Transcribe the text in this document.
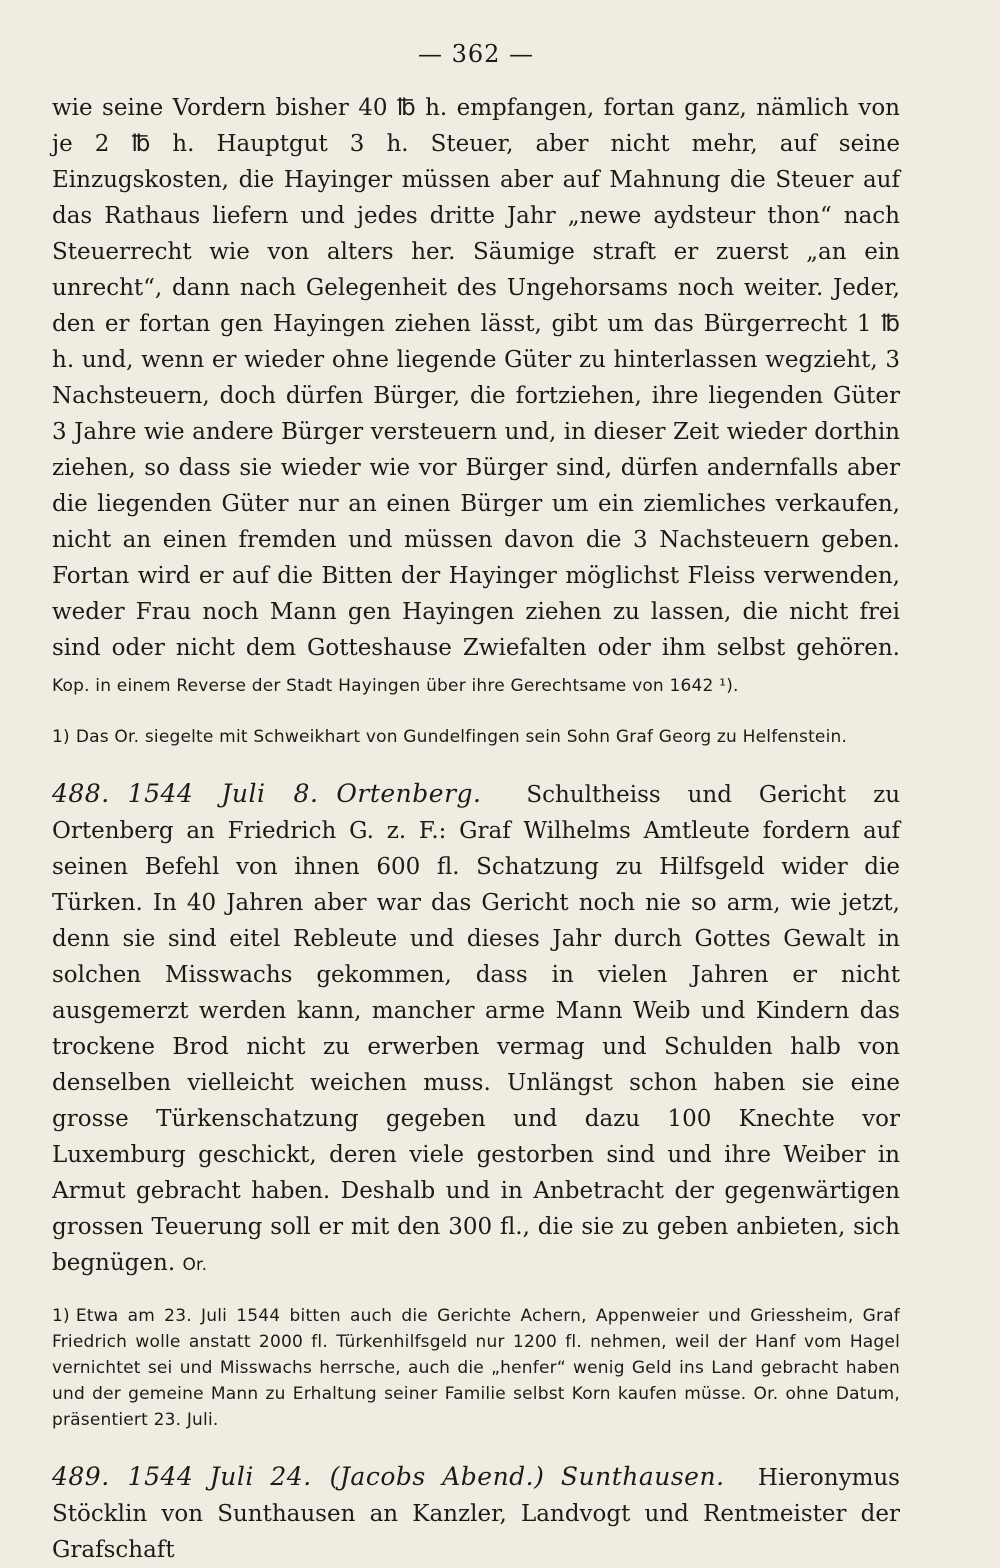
— 362 —

wie seine Vordern bisher 40 ℔ h. empfangen, fortan ganz, nämlich von je 2 ℔ h. Hauptgut 3 h. Steuer, aber nicht mehr, auf seine Einzugskosten, die Hayinger müssen aber auf Mahnung die Steuer auf das Rathaus liefern und jedes dritte Jahr „newe aydsteur thon“ nach Steuerrecht wie von alters her. Säumige straft er zuerst „an ein unrecht“, dann nach Gelegenheit des Ungehorsams noch weiter. Jeder, den er fortan gen Hayingen ziehen lässt, gibt um das Bürgerrecht 1 ℔ h. und, wenn er wieder ohne liegende Güter zu hinterlassen wegzieht, 3 Nachsteuern, doch dürfen Bürger, die fortziehen, ihre liegenden Güter 3 Jahre wie andere Bürger versteuern und, in dieser Zeit wieder dorthin ziehen, so dass sie wieder wie vor Bürger sind, dürfen andernfalls aber die liegenden Güter nur an einen Bürger um ein ziemliches verkaufen, nicht an einen fremden und müssen davon die 3 Nachsteuern geben. Fortan wird er auf die Bitten der Hayinger möglichst Fleiss verwenden, weder Frau noch Mann gen Hayingen ziehen zu lassen, die nicht frei sind oder nicht dem Gotteshause Zwiefalten oder ihm selbst gehören. Kop. in einem Reverse der Stadt Hayingen über ihre Gerechtsame von 1642 ¹).

1) Das Or. siegelte mit Schweikhart von Gundelfingen sein Sohn Graf Georg zu Helfenstein.

488. 1544 Juli 8. Ortenberg. Schultheiss und Gericht zu Ortenberg an Friedrich G. z. F.: Graf Wilhelms Amtleute fordern auf seinen Befehl von ihnen 600 fl. Schatzung zu Hilfsgeld wider die Türken. In 40 Jahren aber war das Gericht noch nie so arm, wie jetzt, denn sie sind eitel Rebleute und dieses Jahr durch Gottes Gewalt in solchen Misswachs gekommen, dass in vielen Jahren er nicht ausgemerzt werden kann, mancher arme Mann Weib und Kindern das trockene Brod nicht zu erwerben vermag und Schulden halb von denselben vielleicht weichen muss. Unlängst schon haben sie eine grosse Türkenschatzung gegeben und dazu 100 Knechte vor Luxemburg geschickt, deren viele gestorben sind und ihre Weiber in Armut gebracht haben. Deshalb und in Anbetracht der gegenwärtigen grossen Teuerung soll er mit den 300 fl., die sie zu geben anbieten, sich begnügen. Or.

1) Etwa am 23. Juli 1544 bitten auch die Gerichte Achern, Appenweier und Griessheim, Graf Friedrich wolle anstatt 2000 fl. Türkenhilfsgeld nur 1200 fl. nehmen, weil der Hanf vom Hagel vernichtet sei und Misswachs herrsche, auch die „henfer“ wenig Geld ins Land gebracht haben und der gemeine Mann zu Erhaltung seiner Familie selbst Korn kaufen müsse. Or. ohne Datum, präsentiert 23. Juli.

489. 1544 Juli 24. (Jacobs Abend.) Sunthausen. Hieronymus Stöcklin von Sunthausen an Kanzler, Landvogt und Rentmeister der Grafschaft
